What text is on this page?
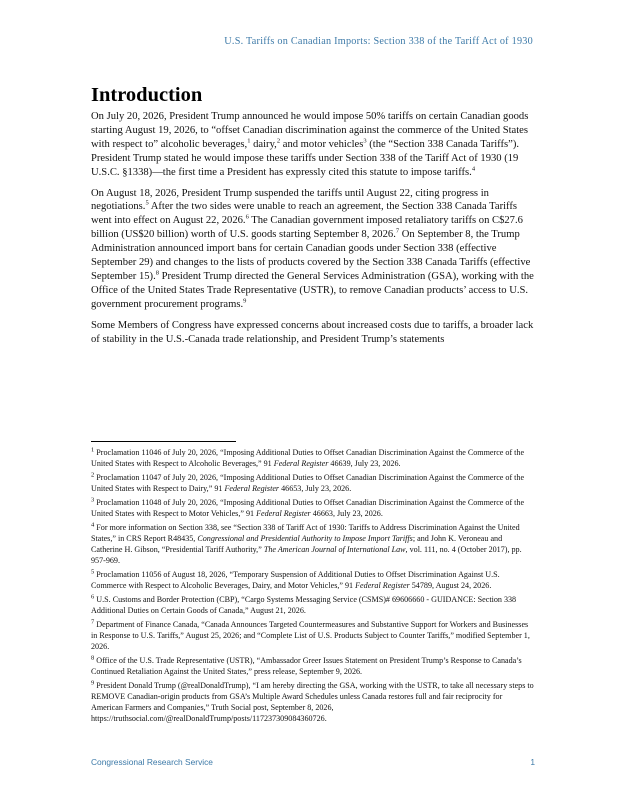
U.S. Tariffs on Canadian Imports: Section 338 of the Tariff Act of 1930
Introduction

On July 20, 2026, President Trump announced he would impose 50% tariffs on certain Canadian goods starting August 19, 2026, to “offset Canadian discrimination against the commerce of the United States with respect to” alcoholic beverages,$^1$ dairy,$^2$ and motor vehicles$^3$ (the “Section 338 Canada Tariffs”). President Trump stated he would impose these tariffs under Section 338 of the Tariff Act of 1930 (19 U.S.C. §1338)—the first time a President has expressly cited this statute to impose tariffs.$^4$

On August 18, 2026, President Trump suspended the tariffs until August 22, citing progress in negotiations.$^5$ After the two sides were unable to reach an agreement, the Section 338 Canada Tariffs went into effect on August 22, 2026.$^6$ The Canadian government imposed retaliatory tariffs on C$27.6 billion (US$20 billion) worth of U.S. goods starting September 8, 2026.$^7$ On September 8, the Trump Administration announced import bans for certain Canadian goods under Section 338 (effective September 29) and changes to the lists of products covered by the Section 338 Canada Tariffs (effective September 15).$^8$ President Trump directed the General Services Administration (GSA), working with the Office of the United States Trade Representative (USTR), to remove Canadian products’ access to U.S. government procurement programs.$^9$

Some Members of Congress have expressed concerns about increased costs due to tariffs, a broader lack of stability in the U.S.-Canada trade relationship, and President Trump’s statements

$^1$ Proclamation 11046 of July 20, 2026, “Imposing Additional Duties to Offset Canadian Discrimination Against the Commerce of the United States with Respect to Alcoholic Beverages,” 91 Federal Register 46639, July 23, 2026.

$^2$ Proclamation 11047 of July 20, 2026, “Imposing Additional Duties to Offset Canadian Discrimination Against the Commerce of the United States with Respect to Dairy,” 91 Federal Register 46653, July 23, 2026.

$^3$ Proclamation 11048 of July 20, 2026, “Imposing Additional Duties to Offset Canadian Discrimination Against the Commerce of the United States with Respect to Motor Vehicles,” 91 Federal Register 46663, July 23, 2026.

$^4$ For more information on Section 338, see “Section 338 of Tariff Act of 1930: Tariffs to Address Discrimination Against the United States,” in CRS Report R48435, Congressional and Presidential Authority to Impose Import Tariffs; and John K. Veroneau and Catherine H. Gibson, “Presidential Tariff Authority,” The American Journal of International Law, vol. 111, no. 4 (October 2017), pp. 957-969.

$^5$ Proclamation 11056 of August 18, 2026, “Temporary Suspension of Additional Duties to Offset Discrimination Against U.S. Commerce with Respect to Alcoholic Beverages, Dairy, and Motor Vehicles,” 91 Federal Register 54789, August 24, 2026.

$^6$ U.S. Customs and Border Protection (CBP), “Cargo Systems Messaging Service (CSMS)# 69606660 - GUIDANCE: Section 338 Additional Duties on Certain Goods of Canada,” August 21, 2026.

$^7$ Department of Finance Canada, “Canada Announces Targeted Countermeasures and Substantive Support for Workers and Businesses in Response to U.S. Tariffs,” August 25, 2026; and “Complete List of U.S. Products Subject to Counter Tariffs,” modified September 1, 2026.

$^8$ Office of the U.S. Trade Representative (USTR), “Ambassador Greer Issues Statement on President Trump’s Response to Canada’s Continued Retaliation Against the United States,” press release, September 9, 2026.

$^9$ President Donald Trump (@realDonaldTrump), “I am hereby directing the GSA, working with the USTR, to take all necessary steps to REMOVE Canadian-origin products from GSA’s Multiple Award Schedules unless Canada restores full and fair reciprocity for American Farmers and Companies,” Truth Social post, September 8, 2026, https://truthsocial.com/@realDonaldTrump/posts/117237309084360726.

Congressional Research Service	1
